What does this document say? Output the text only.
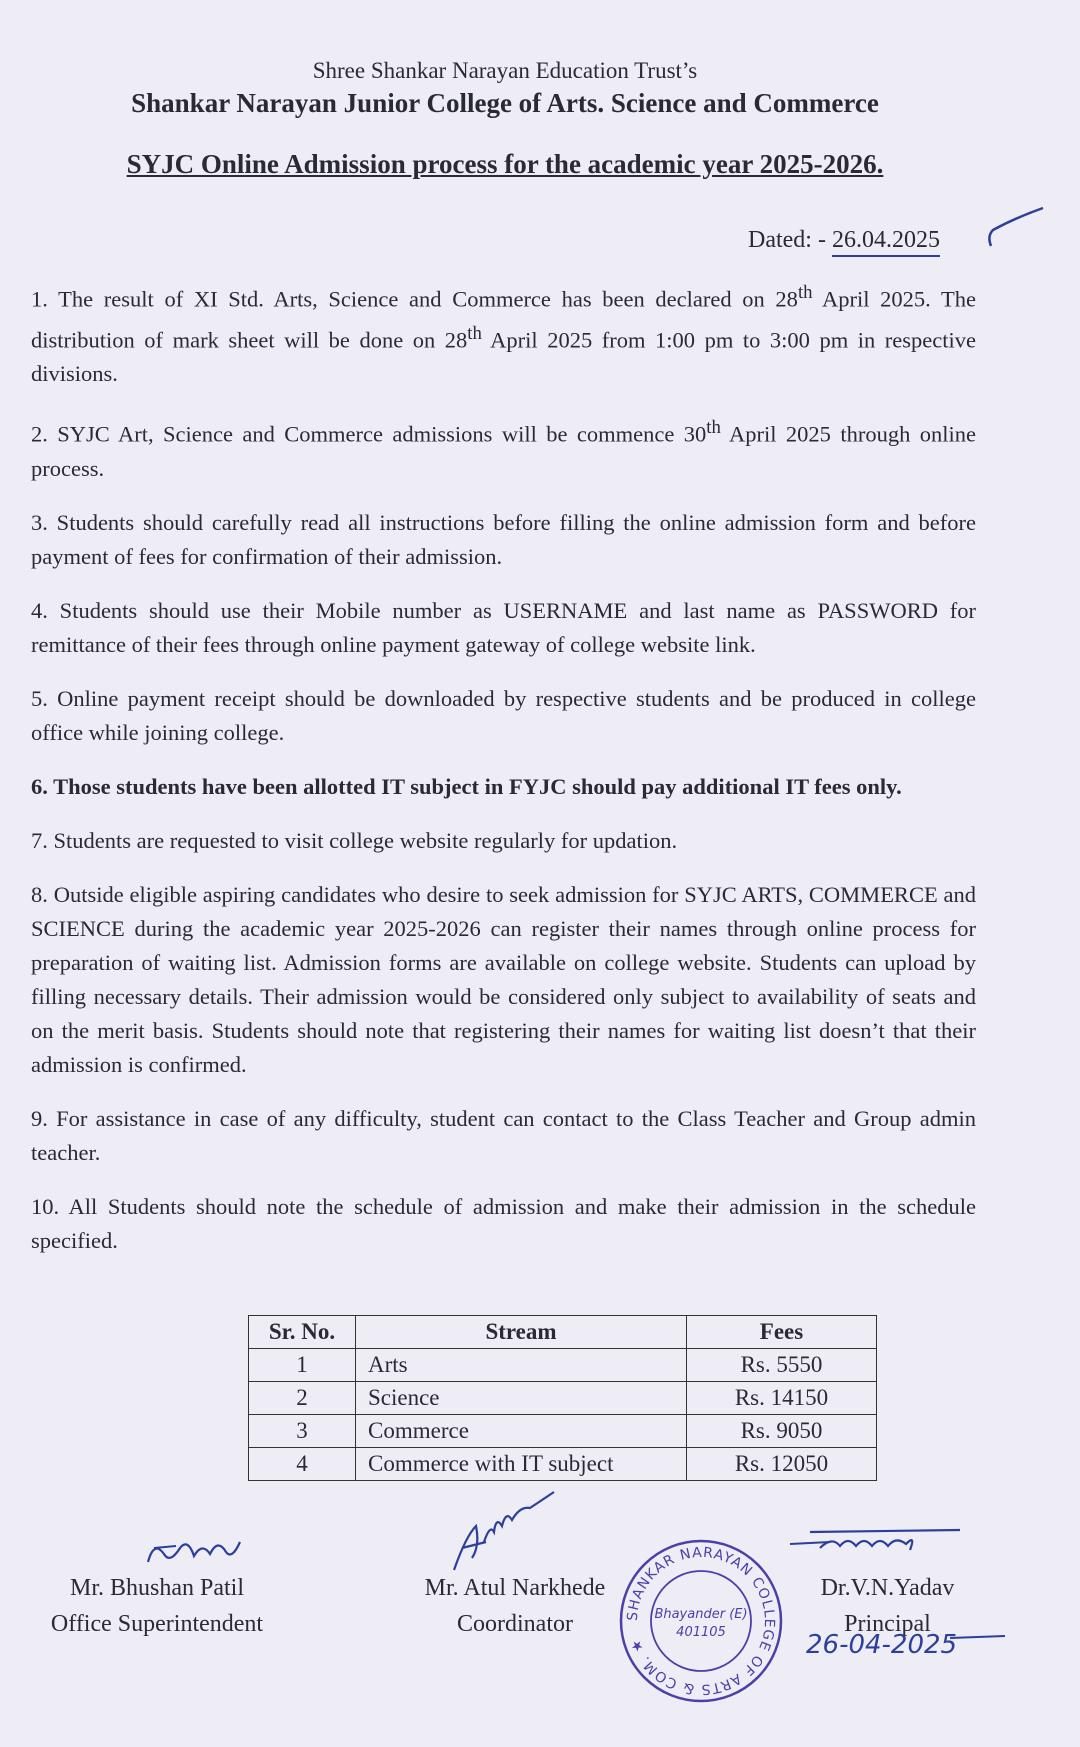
Shree Shankar Narayan Education Trust’s
Shankar Narayan Junior College of Arts. Science and Commerce
SYJC Online Admission process for the academic year 2025-2026.
Dated: - 26.04.2025

1. The result of XI Std. Arts, Science and Commerce has been declared on 28th April 2025. The distribution of mark sheet will be done on 28th April 2025 from 1:00 pm to 3:00 pm in respective divisions.

2. SYJC Art, Science and Commerce admissions will be commence 30th April 2025 through online process.

3. Students should carefully read all instructions before filling the online admission form and before payment of fees for confirmation of their admission.

4. Students should use their Mobile number as USERNAME and last name as PASSWORD for remittance of their fees through online payment gateway of college website link.

5. Online payment receipt should be downloaded by respective students and be produced in college office while joining college.

6. Those students have been allotted IT subject in FYJC should pay additional IT fees only.

7. Students are requested to visit college website regularly for updation.

8. Outside eligible aspiring candidates who desire to seek admission for SYJC ARTS, COMMERCE and SCIENCE during the academic year 2025-2026 can register their names through online process for preparation of waiting list. Admission forms are available on college website. Students can upload by filling necessary details. Their admission would be considered only subject to availability of seats and on the merit basis. Students should note that registering their names for waiting list doesn’t that their admission is confirmed.

9. For assistance in case of any difficulty, student can contact to the Class Teacher and Group admin teacher.

10. All Students should note the schedule of admission and make their admission in the schedule specified.

Sr. No.	Stream	Fees
1	Arts	Rs. 5550
2	Science	Rs. 14150
3	Commerce	Rs. 9050
4	Commerce with IT subject	Rs. 12050
Mr. Bhushan Patil
Office Superintendent
Mr. Atul Narkhede
Coordinator
Dr.V.N.Yadav
Principal
26-04-2025
SHANKAR NARAYAN COLLEGE OF ARTS & COM. ★
Bhayander (E)
401105
